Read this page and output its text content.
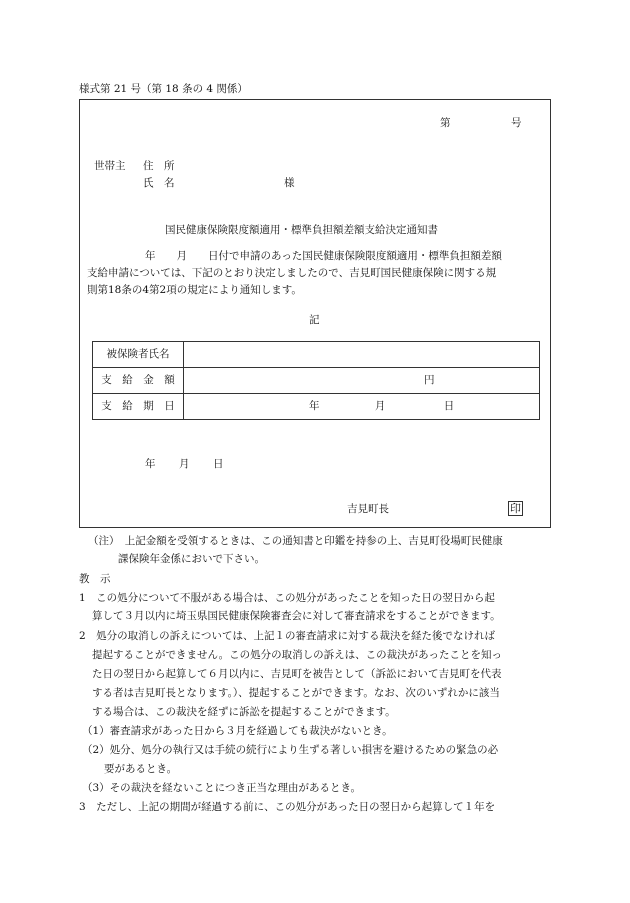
様式第 21 号（第 18 条の 4 関係）
第	号
世帯主 住　所
氏　名	様
国民健康保険限度額適用・標準負担額差額支給決定通知書
年　　月　　日付で申請のあった国民健康保険限度額適用・標準負担額差額
支給申請については、下記のとおり決定しましたので、吉見町国民健康保険に関する規
則第18条の4第2項の規定により通知します。
記
被保険者氏名	
支　給　金　額	円
支　給　期　日	年 月 日
年 月 日
吉見町長	印
（注）　上記金額を受領するときは、この通知書と印鑑を持参の上、吉見町役場町民健康
課保険年金係においで下さい。
教　示
1　この処分について不服がある場合は、この処分があったことを知った日の翌日から起
算して３月以内に埼玉県国民健康保険審査会に対して審査請求をすることができます。
2　処分の取消しの訴えについては、上記１の審査請求に対する裁決を経た後でなければ
提起することができません。この処分の取消しの訴えは、この裁決があったことを知っ
た日の翌日から起算して６月以内に、吉見町を被告として（訴訟において吉見町を代表
する者は吉見町長となります。）、提起することができます。なお、次のいずれかに該当
する場合は、この裁決を経ずに訴訟を提起することができます。
（1）審査請求があった日から３月を経過しても裁決がないとき。
（2）処分、処分の執行又は手続の続行により生ずる著しい損害を避けるための緊急の必
要があるとき。
（3）その裁決を経ないことにつき正当な理由があるとき。
3　ただし、上記の期間が経過する前に、この処分があった日の翌日から起算して１年を
